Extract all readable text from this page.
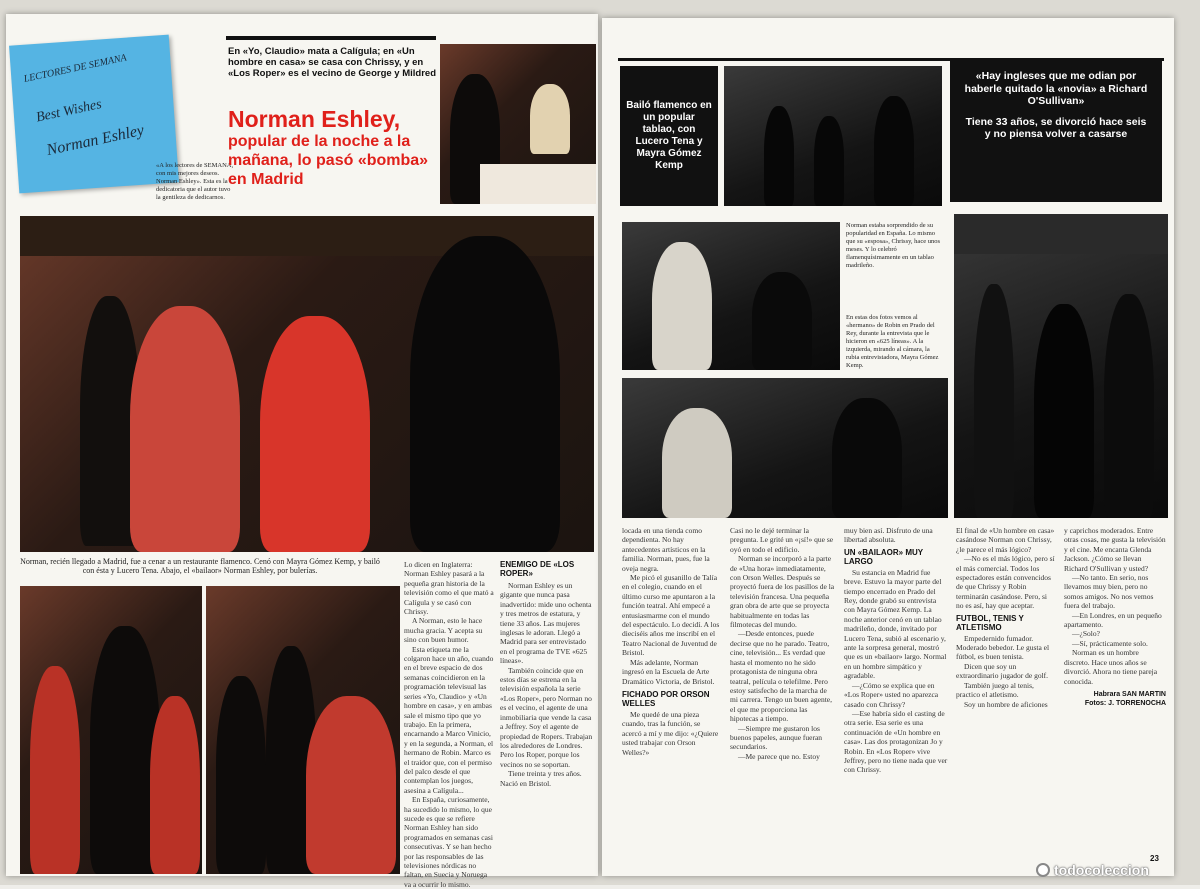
LECTORES DE SEMANA
Best Wishes
Norman Eshley
«A los lectores de SEMANA, con mis mejores deseos. Norman Eshley». Esta es la dedicatoria que el autor tuvo la gentileza de dedicarnos.
En «Yo, Claudio» mata a Calígula; en «Un hombre en casa» se casa con Chrissy, y en «Los Roper» es el vecino de George y Mildred
Norman Eshley,
popular de la noche a la mañana, lo pasó «bomba» en Madrid
Norman, recién llegado a Madrid, fue a cenar a un restaurante flamenco. Cenó con Mayra Gómez Kemp, y bailó con ésta y Lucero Tena. Abajo, el «bailaor» Norman Eshley, por bulerías.

Lo dicen en Inglaterra: Norman Eshley pasará a la pequeña gran historia de la televisión como el que mató a Calígula y se casó con Chrissy.

A Norman, esto le hace mucha gracia. Y acepta su sino con buen humor.

Esta etiqueta me la colgaron hace un año, cuando en el breve espacio de dos semanas coincidieron en la programación televisual las series «Yo, Claudio» y «Un hombre en casa», y en ambas sale el mismo tipo que yo trabajo. En la primera, encarnando a Marco Vinicio, y en la segunda, a Norman, el hermano de Robin. Marco es el traidor que, con el permiso del palco desde el que contemplan los juegos, asesina a Calígula...

En España, curiosamente, ha sucedido lo mismo, lo que sucede es que se refiere Norman Eshley han sido programados en semanas casi consecutivas. Y se han hecho por las responsables de las televisiones nórdicas no faltan, en Suecia y Noruega va a ocurrir lo mismo.

ENEMIGO DE «LOS ROPER»

Norman Eshley es un gigante que nunca pasa inadvertido: mide uno ochenta y tres metros de estatura, y tiene 33 años. Las mujeres inglesas le adoran. Llegó a Madrid para ser entrevistado en el programa de TVE «625 líneas».

También coincide que en estos días se estrena en la televisión española la serie «Los Roper», pero Norman no es el vecino, el agente de una inmobiliaria que vende la casa a Jeffrey. Soy el agente de propiedad de Ropers. Trabajan los alrededores de Londres. Pero los Roper, porque los vecinos no se soportan.

Tiene treinta y tres años. Nació en Bristol.

Bailó flamenco en un popular tablao, con Lucero Tena y Mayra Gómez Kemp
«Hay ingleses que me odian por haberle quitado la «novia» a Richard O'Sullivan»
Tiene 33 años, se divorció hace seis y no piensa volver a casarse
Norman estaba sorprendido de su popularidad en España. Lo mismo que su «esposa», Chrissy, hace unos meses. Y lo celebró flamenquísimamente en un tablao madrileño.
En estas dos fotos vemos al «hermano» de Robin en Prado del Rey, durante la entrevista que le hicieron en «625 líneas». A la izquierda, mirando al cámara, la rubia entrevistadora, Mayra Gómez Kemp.

locada en una tienda como dependienta. No hay antecedentes artísticos en la familia. Norman, pues, fue la oveja negra.

Me picó el gusanillo de Talía en el colegio, cuando en el último curso me apuntaron a la función teatral. Ahí empecé a entusiasmarme con el mundo del espectáculo. Lo decidí. A los dieciséis años me inscribí en el Teatro Nacional de Juventud de Bristol.

Más adelante, Norman ingresó en la Escuela de Arte Dramático Victoria, de Bristol.

FICHADO POR ORSON WELLES

Me quedé de una pieza cuando, tras la función, se acercó a mí y me dijo: «¿Quiere usted trabajar con Orson Welles?»

Casi no le dejé terminar la pregunta. Le grité un «¡sí!» que se oyó en todo el edificio.

Norman se incorporó a la parte de «Una hora» inmediatamente, con Orson Welles. Después se proyectó fuera de los pasillos de la televisión francesa. Una pequeña gran obra de arte que se proyecta habitualmente en todas las filmotecas del mundo.

—Desde entonces, puede decirse que no he parado. Teatro, cine, televisión... Es verdad que hasta el momento no he sido protagonista de ninguna obra teatral, película o telefilme. Pero estoy satisfecho de la marcha de mi carrera. Tengo un buen agente, el que me proporciona las hipotecas a tiempo.

—Siempre me gustaron los buenos papeles, aunque fueran secundarios.

—Me parece que no. Estoy

muy bien así. Disfruto de una libertad absoluta.

UN «BAILAOR» MUY LARGO

Su estancia en Madrid fue breve. Estuvo la mayor parte del tiempo encerrado en Prado del Rey, donde grabó su entrevista con Mayra Gómez Kemp. La noche anterior cenó en un tablao madrileño, donde, invitado por Lucero Tena, subió al escenario y, ante la sorpresa general, mostró que es un «bailaor» largo. Normal en un hombre simpático y agradable.

—¿Cómo se explica que en «Los Roper» usted no aparezca casado con Chrissy?

—Ese habría sido el casting de otra serie. Esa serie es una continuación de «Un hombre en casa». Las dos protagonizan Jo y Robin. En «Los Roper» vive Jeffrey, pero no tiene nada que ver con Chrissy.

El final de «Un hombre en casa» casándose Norman con Chrissy, ¿le parece el más lógico?

—No es el más lógico, pero sí el más comercial. Todos los espectadores están convencidos de que Chrissy y Robin terminarán casándose. Pero, si no es así, hay que aceptar.

FUTBOL, TENIS Y ATLETISMO

Empedernido fumador. Moderado bebedor. Le gusta el fútbol, es buen tenista.

Dicen que soy un extraordinario jugador de golf.

También juego al tenis, practico el atletismo.

Soy un hombre de aficiones

y caprichos moderados. Entre otras cosas, me gusta la televisión y el cine. Me encanta Glenda Jackson. ¿Cómo se llevan Richard O'Sullivan y usted?

—No tanto. En serio, nos llevamos muy bien, pero no somos amigos. No nos vemos fuera del trabajo.

—En Londres, en un pequeño apartamento.

—¿Solo?

—Sí, prácticamente solo.

Norman es un hombre discreto. Hace unos años se divorció. Ahora no tiene pareja conocida.

Habrara SAN MARTIN
Fotos: J. TORRENOCHA
23
todocoleccion
